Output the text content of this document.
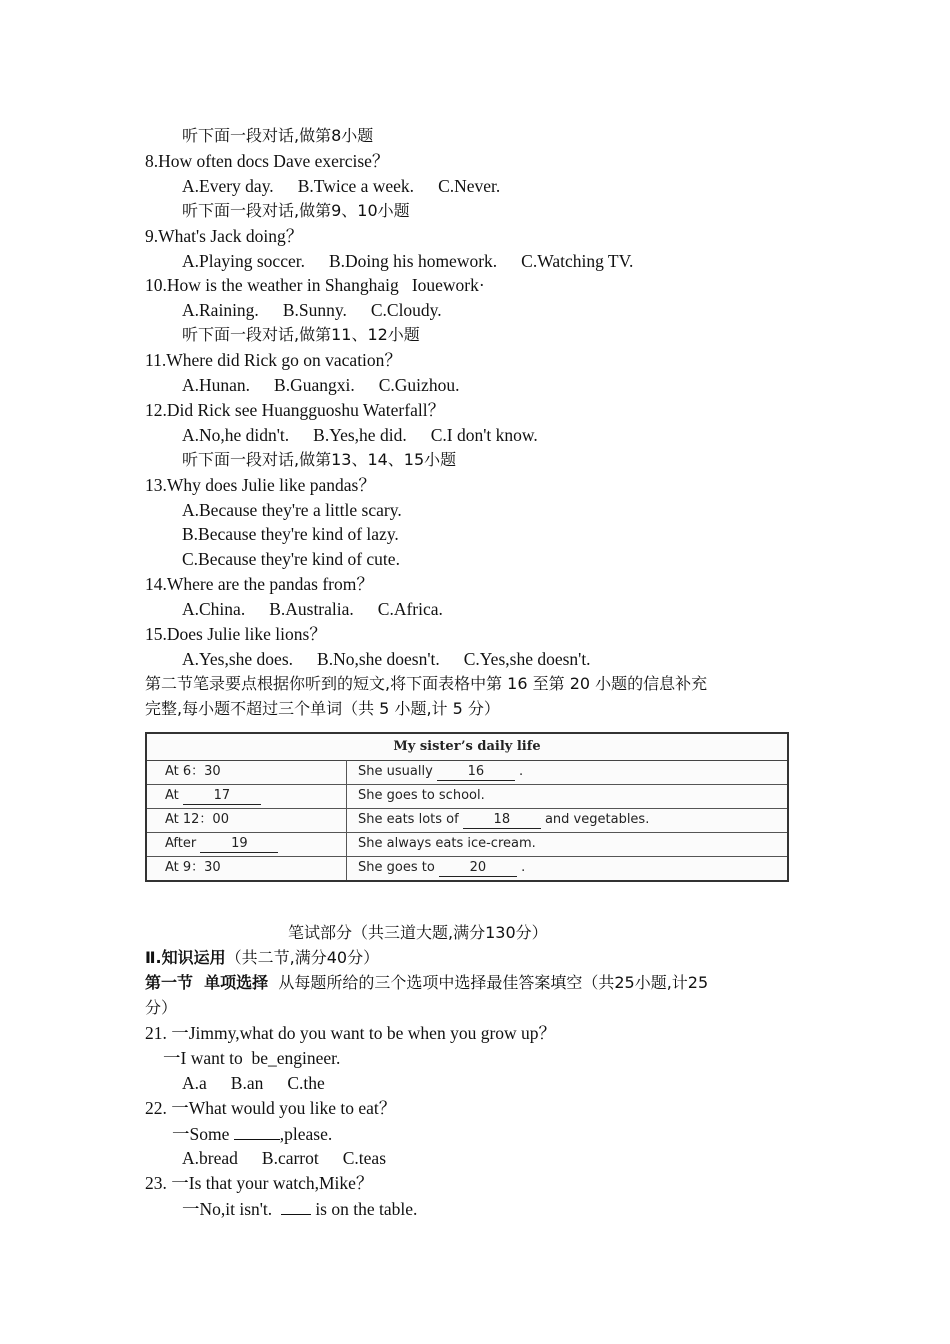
听下面一段对话,做第8小题
8.How often docs Dave exercise？
A.Every day. B.Twice a week. C.Never.
听下面一段对话,做第9、10小题
9.What's Jack doing？
A.Playing soccer. B.Doing his homework. C.Watching TV.
10.How is the weather in Shanghaig   Iouework·
A.Raining. B.Sunny. C.Cloudy.
听下面一段对话,做第11、12小题
11.Where did Rick go on vacation？
A.Hunan. B.Guangxi. C.Guizhou.
12.Did Rick see Huangguoshu Waterfall？
A.No,he didn't. B.Yes,he did. C.I don't know.
听下面一段对话,做第13、14、15小题
13.Why does Julie like pandas？
A.Because they're a little scary.
B.Because they're kind of lazy.
C.Because they're kind of cute.
14.Where are the pandas from？
A.China. B.Australia. C.Africa.
15.Does Julie like lions？
A.Yes,she does. B.No,she doesn't. C.Yes,she doesn't.
第二节笔录要点根据你听到的短文,将下面表格中第 16 至第 20 小题的信息补充
完整,每小题不超过三个单词（共 5 小题,计 5 分）
My sister’s daily life
At 6：30	She usually	16	.
At	17	She goes to school.
At 12：00	She eats lots of	18	and vegetables.
After	19	She always eats ice-cream.
At 9：30	She goes to	20	.
笔试部分（共三道大题,满分130分）
Ⅱ.知识运用（共二节,满分40分）
第一节  单项选择  从每题所给的三个选项中选择最佳答案填空（共25小题,计25
分）
21. 一Jimmy,what do you want to be when you grow up？
一I want to  be_engineer.
A.a B.an C.the
22. 一What would you like to eat？
一Some	,please.
A.bread B.carrot C.teas
23. 一Is that your watch,Mike？
一No,it isn't.   is on the table.
